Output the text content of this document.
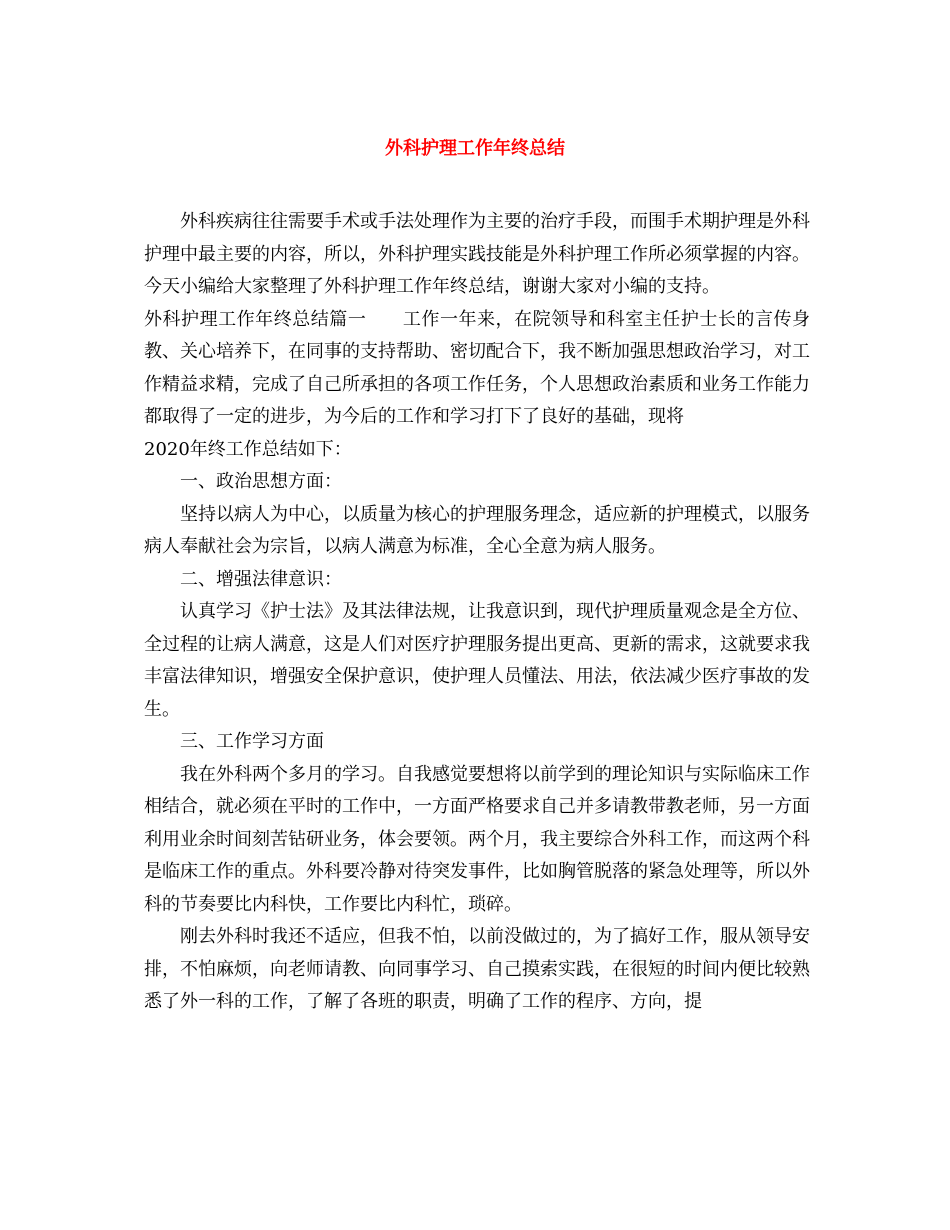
外科护理工作年终总结

外科疾病往往需要手术或手法处理作为主要的治疗手段，而围手术期护理是外科护理中最主要的内容，所以，外科护理实践技能是外科护理工作所必须掌握的内容。今天小编给大家整理了外科护理工作年终总结，谢谢大家对小编的支持。

外科护理工作年终总结篇一 工作一年来，在院领导和科室主任护士长的言传身教、关心培养下，在同事的支持帮助、密切配合下，我不断加强思想政治学习，对工作精益求精，完成了自己所承担的各项工作任务，个人思想政治素质和业务工作能力都取得了一定的进步，为今后的工作和学习打下了良好的基础，现将
2020年终工作总结如下：

一、政治思想方面：

坚持以病人为中心，以质量为核心的护理服务理念，适应新的护理模式，以服务病人奉献社会为宗旨，以病人满意为标准，全心全意为病人服务。

二、增强法律意识：

认真学习《护士法》及其法律法规，让我意识到，现代护理质量观念是全方位、全过程的让病人满意，这是人们对医疗护理服务提出更高、更新的需求，这就要求我丰富法律知识，增强安全保护意识，使护理人员懂法、用法，依法减少医疗事故的发生。

三、工作学习方面

我在外科两个多月的学习。自我感觉要想将以前学到的理论知识与实际临床工作相结合，就必须在平时的工作中，一方面严格要求自己并多请教带教老师，另一方面利用业余时间刻苦钻研业务，体会要领。两个月，我主要综合外科工作，而这两个科是临床工作的重点。外科要冷静对待突发事件，比如胸管脱落的紧急处理等，所以外科的节奏要比内科快，工作要比内科忙，琐碎。

刚去外科时我还不适应，但我不怕，以前没做过的，为了搞好工作，服从领导安排，不怕麻烦，向老师请教、向同事学习、自己摸索实践，在很短的时间内便比较熟悉了外一科的工作，了解了各班的职责，明确了工作的程序、方向，提
